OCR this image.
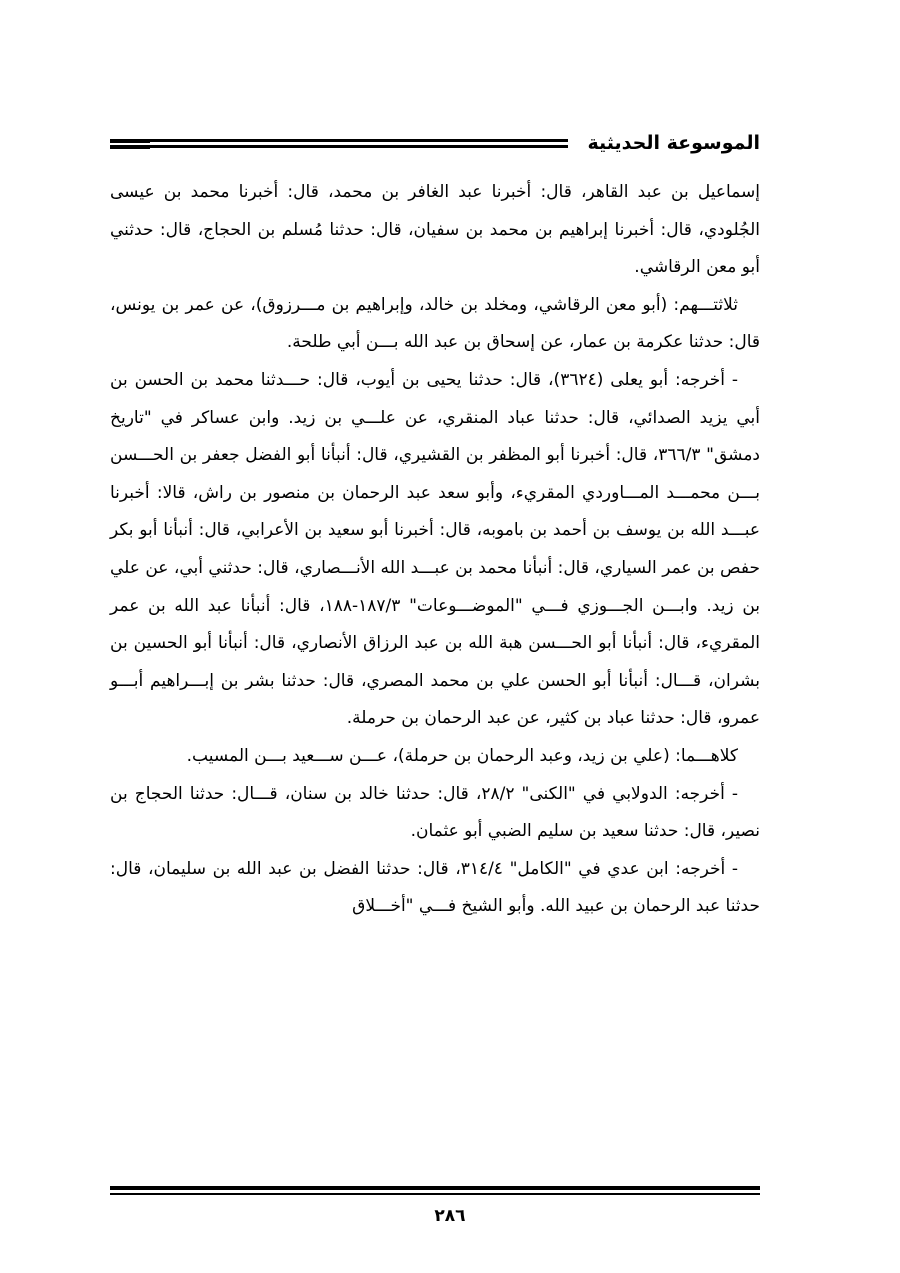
الموسوعة الحديثية

إسماعيل بن عبد القاهر، قال: أخبرنا عبد الغافر بن محمد، قال: أخبرنا محمد بن عيسى الجُلودي، قال: أخبرنا إبراهيم بن محمد بن سفيان، قال: حدثنا مُسلم بن الحجاج، قال: حدثني أبو معن الرقاشي.

ثلاثتـــهم: (أبو معن الرقاشي، ومخلد بن خالد، وإبراهيم بن مـــرزوق)، عن عمر بن يونس، قال: حدثنا عكرمة بن عمار، عن إسحاق بن عبد الله بـــن أبي طلحة.

- أخرجه: أبو يعلى (٣٦٢٤)، قال: حدثنا يحيى بن أيوب، قال: حـــدثنا محمد بن الحسن بن أبي يزيد الصدائي، قال: حدثنا عباد المنقري، عن علـــي بن زيد. وابن عساكر في "تاريخ دمشق" ٣٦٦/٣، قال: أخبرنا أبو المظفر بن القشيري، قال: أنبأنا أبو الفضل جعفر بن الحـــسن بـــن محمـــد المـــاوردي المقريء، وأبو سعد عبد الرحمان بن منصور بن راش، قالا: أخبرنا عبـــد الله بن يوسف بن أحمد بن باموبه، قال: أخبرنا أبو سعيد بن الأعرابي، قال: أنبأنا أبو بكر حفص بن عمر السياري، قال: أنبأنا محمد بن عبـــد الله الأنـــصاري، قال: حدثني أبي، عن علي بن زيد. وابـــن الجـــوزي فـــي "الموضـــوعات" ١٨٧/٣-١٨٨، قال: أنبأنا عبد الله بن عمر المقريء، قال: أنبأنا أبو الحـــسن هبة الله بن عبد الرزاق الأنصاري، قال: أنبأنا أبو الحسين بن بشران، قـــال: أنبأنا أبو الحسن علي بن محمد المصري، قال: حدثنا بشر بن إبـــراهيم أبـــو عمرو، قال: حدثنا عباد بن كثير، عن عبد الرحمان بن حرملة.

كلاهـــما: (علي بن زيد، وعبد الرحمان بن حرملة)، عـــن ســـعيد بـــن المسيب.

- أخرجه: الدولابي في "الكنى" ٢٨/٢، قال: حدثنا خالد بن سنان، قـــال: حدثنا الحجاج بن نصير، قال: حدثنا سعيد بن سليم الضبي أبو عثمان.

- أخرجه: ابن عدي في "الكامل" ٣١٤/٤، قال: حدثنا الفضل بن عبد الله بن سليمان، قال: حدثنا عبد الرحمان بن عبيد الله. وأبو الشيخ فـــي "أخـــلاق

٢٨٦
